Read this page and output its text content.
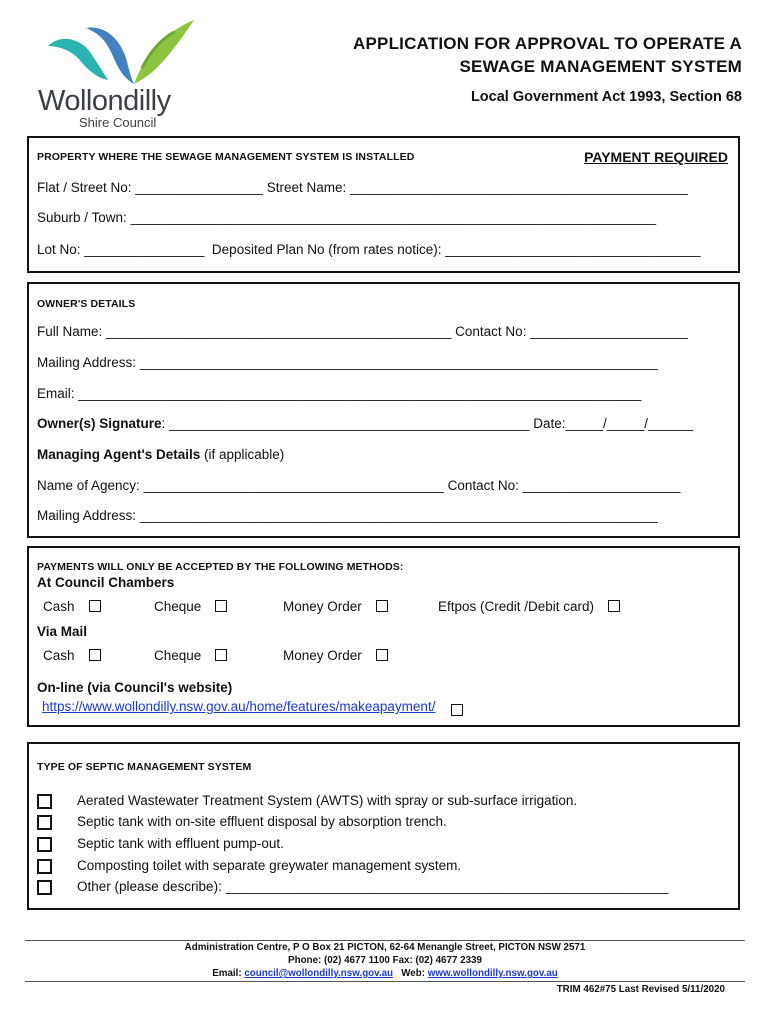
Wollondilly
Shire Council
APPLICATION FOR APPROVAL TO OPERATE A
SEWAGE MANAGEMENT SYSTEM
Local Government Act 1993, Section 68
PROPERTY WHERE THE SEWAGE MANAGEMENT SYSTEM IS INSTALLED	PAYMENT REQUIRED
Flat / Street No: _________________ Street Name: _____________________________________________
Suburb / Town: ______________________________________________________________________
Lot No: ________________  Deposited Plan No (from rates notice): __________________________________
OWNER'S DETAILS
Full Name: ______________________________________________ Contact No: _____________________
Mailing Address: _____________________________________________________________________
Email: ___________________________________________________________________________
Owner(s) Signature: ________________________________________________ Date:_____/_____/______
Managing Agent's Details (if applicable)
Name of Agency: ________________________________________ Contact No: _____________________
Mailing Address: _____________________________________________________________________
PAYMENTS WILL ONLY BE ACCEPTED BY THE FOLLOWING METHODS:
At Council Chambers
Cash	Cheque	Money Order	Eftpos (Credit /Debit card)
Via Mail
Cash	Cheque	Money Order
On-line (via Council's website)
https://www.wollondilly.nsw.gov.au/home/features/makeapayment/
TYPE OF SEPTIC MANAGEMENT SYSTEM
Aerated Wastewater Treatment System (AWTS) with spray or sub-surface irrigation.
Septic tank with on-site effluent disposal by absorption trench.
Septic tank with effluent pump-out.
Composting toilet with separate greywater management system.
Other (please describe): ___________________________________________________________
Administration Centre, P O Box 21 PICTON, 62-64 Menangle Street, PICTON NSW 2571
Phone: (02) 4677 1100 Fax: (02) 4677 2339
Email: council@wollondilly.nsw.gov.au   Web: www.wollondilly.nsw.gov.au
TRIM 462#75 Last Revised 5/11/2020
